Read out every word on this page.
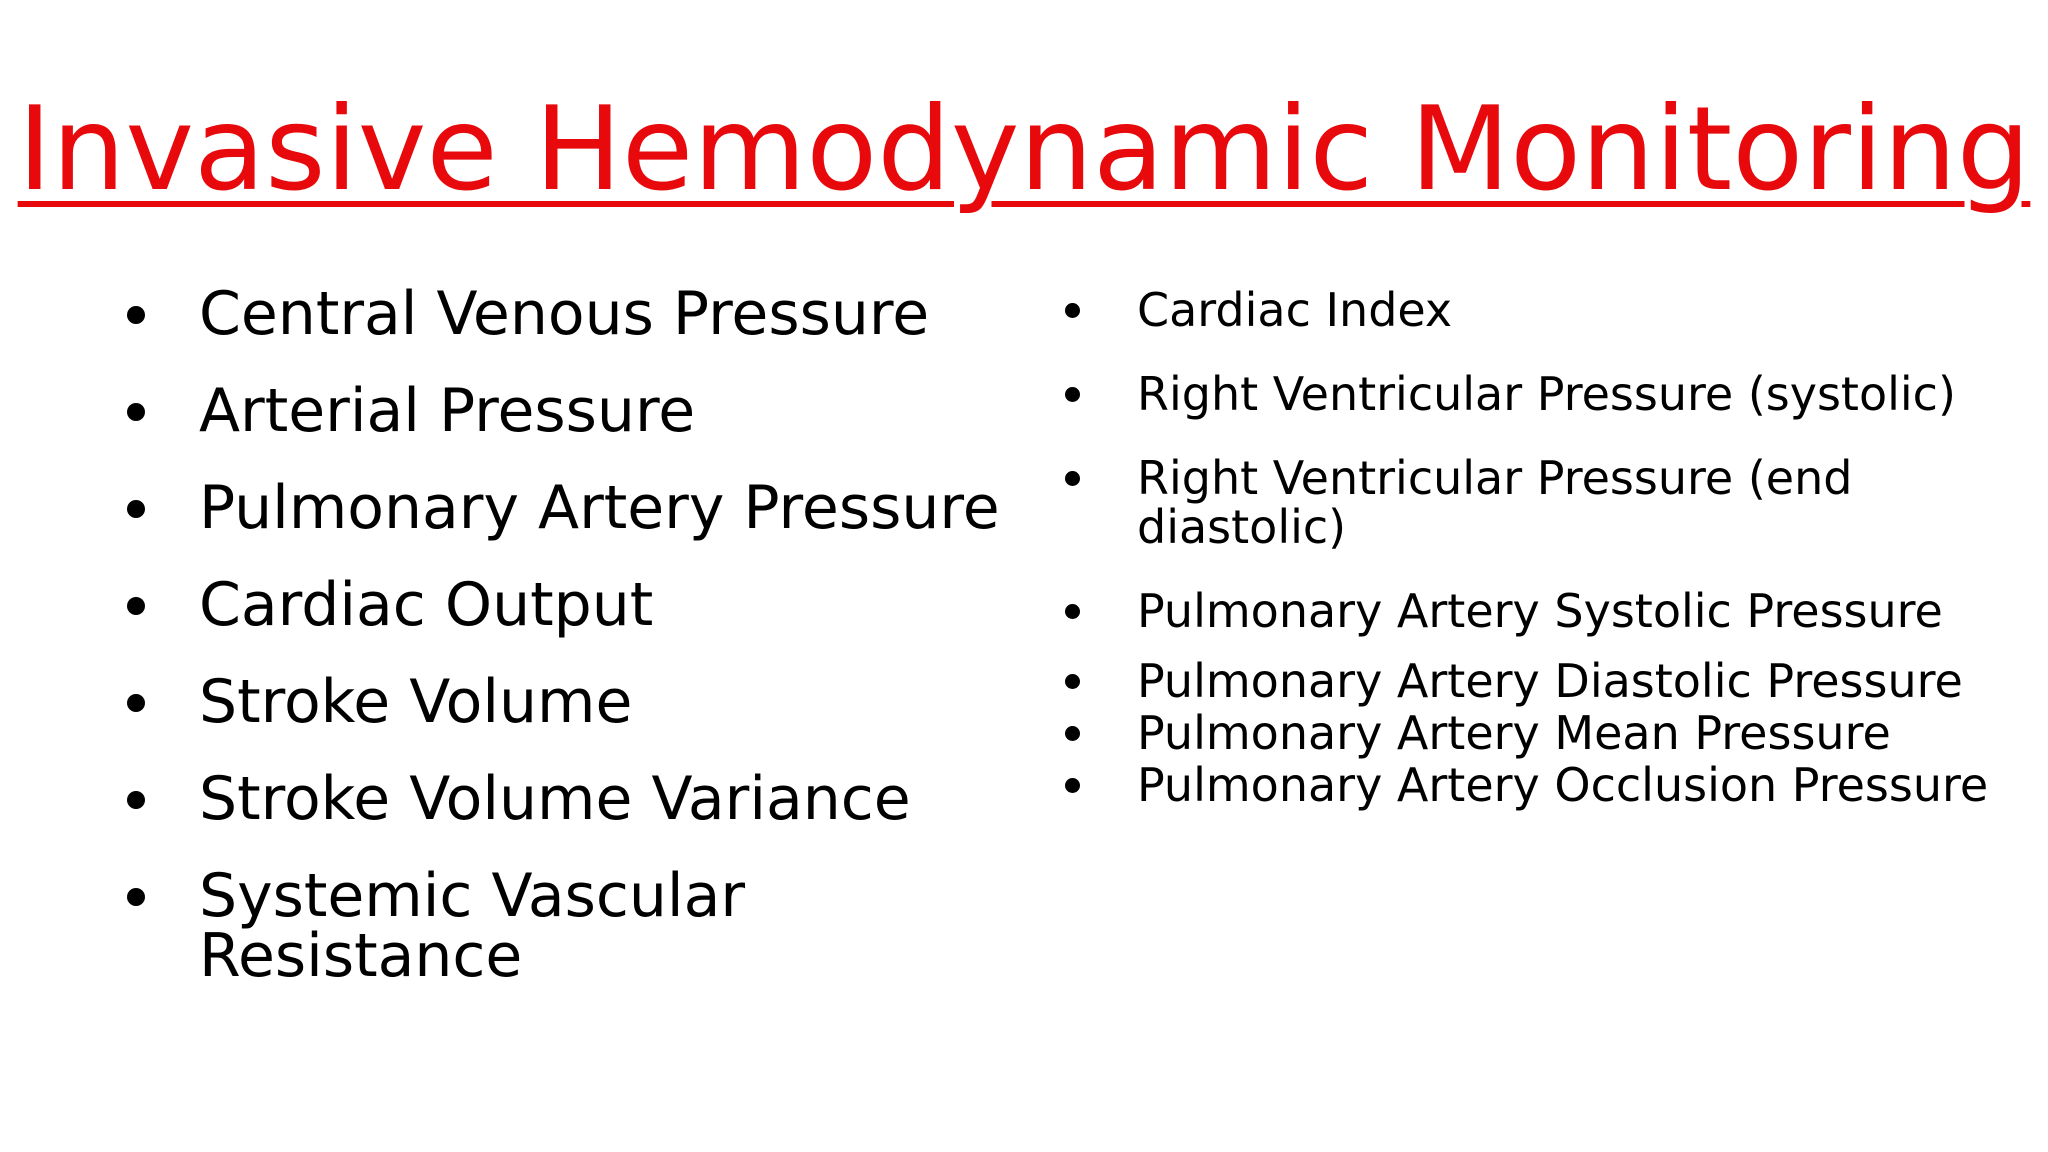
Invasive Hemodynamic Monitoring
Central Venous Pressure
Arterial Pressure
Pulmonary Artery Pressure
Cardiac Output
Stroke Volume
Stroke Volume Variance
Systemic Vascular Resistance
Cardiac Index
Right Ventricular Pressure (systolic)
Right Ventricular Pressure (end diastolic)
Pulmonary Artery Systolic Pressure
Pulmonary Artery Diastolic Pressure
Pulmonary Artery Mean Pressure
Pulmonary Artery Occlusion Pressure
